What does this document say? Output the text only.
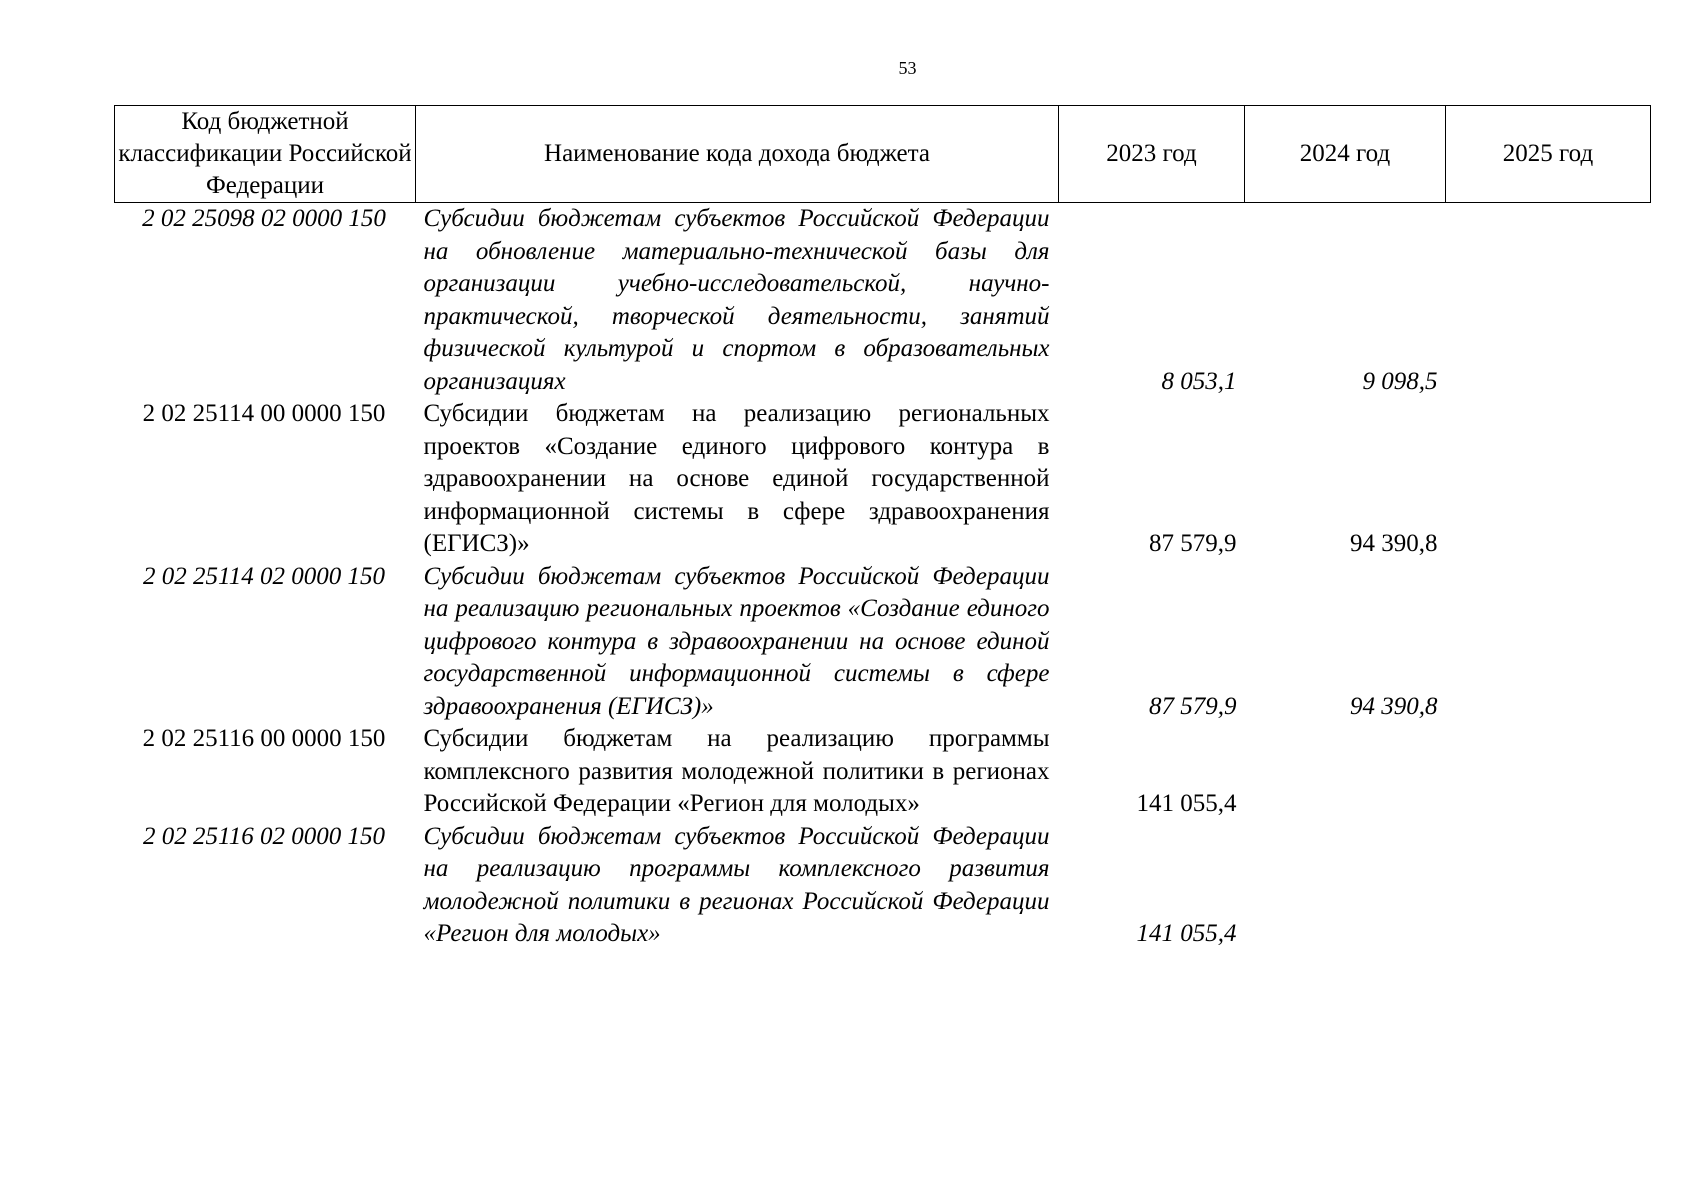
53
Код бюджетной классификации Российской Федерации	Наименование кода дохода бюджета	2023 год	2024 год	2025 год
2 02 25098 02 0000 150	Субсидии бюджетам субъектов Российской Федерации на обновление материально-технической базы для организации учебно-исследовательской, научно-практической, творческой деятельности, занятий физической культурой и спортом в образовательных организациях	8 053,1	9 098,5	
2 02 25114 00 0000 150	Субсидии бюджетам на реализацию региональных проектов «Создание единого цифрового контура в здравоохранении на основе единой государственной информационной системы в сфере здравоохранения (ЕГИСЗ)»	87 579,9	94 390,8	
2 02 25114 02 0000 150	Субсидии бюджетам субъектов Российской Федерации на реализацию региональных проектов «Создание единого цифрового контура в здравоохранении на основе единой государственной информационной системы в сфере здравоохранения (ЕГИСЗ)»	87 579,9	94 390,8	
2 02 25116 00 0000 150	Субсидии бюджетам на реализацию программы комплексного развития молодежной политики в регионах Российской Федерации «Регион для молодых»	141 055,4		
2 02 25116 02 0000 150	Субсидии бюджетам субъектов Российской Федерации на реализацию программы комплексного развития молодежной политики в регионах Российской Федерации «Регион для молодых»	141 055,4		
